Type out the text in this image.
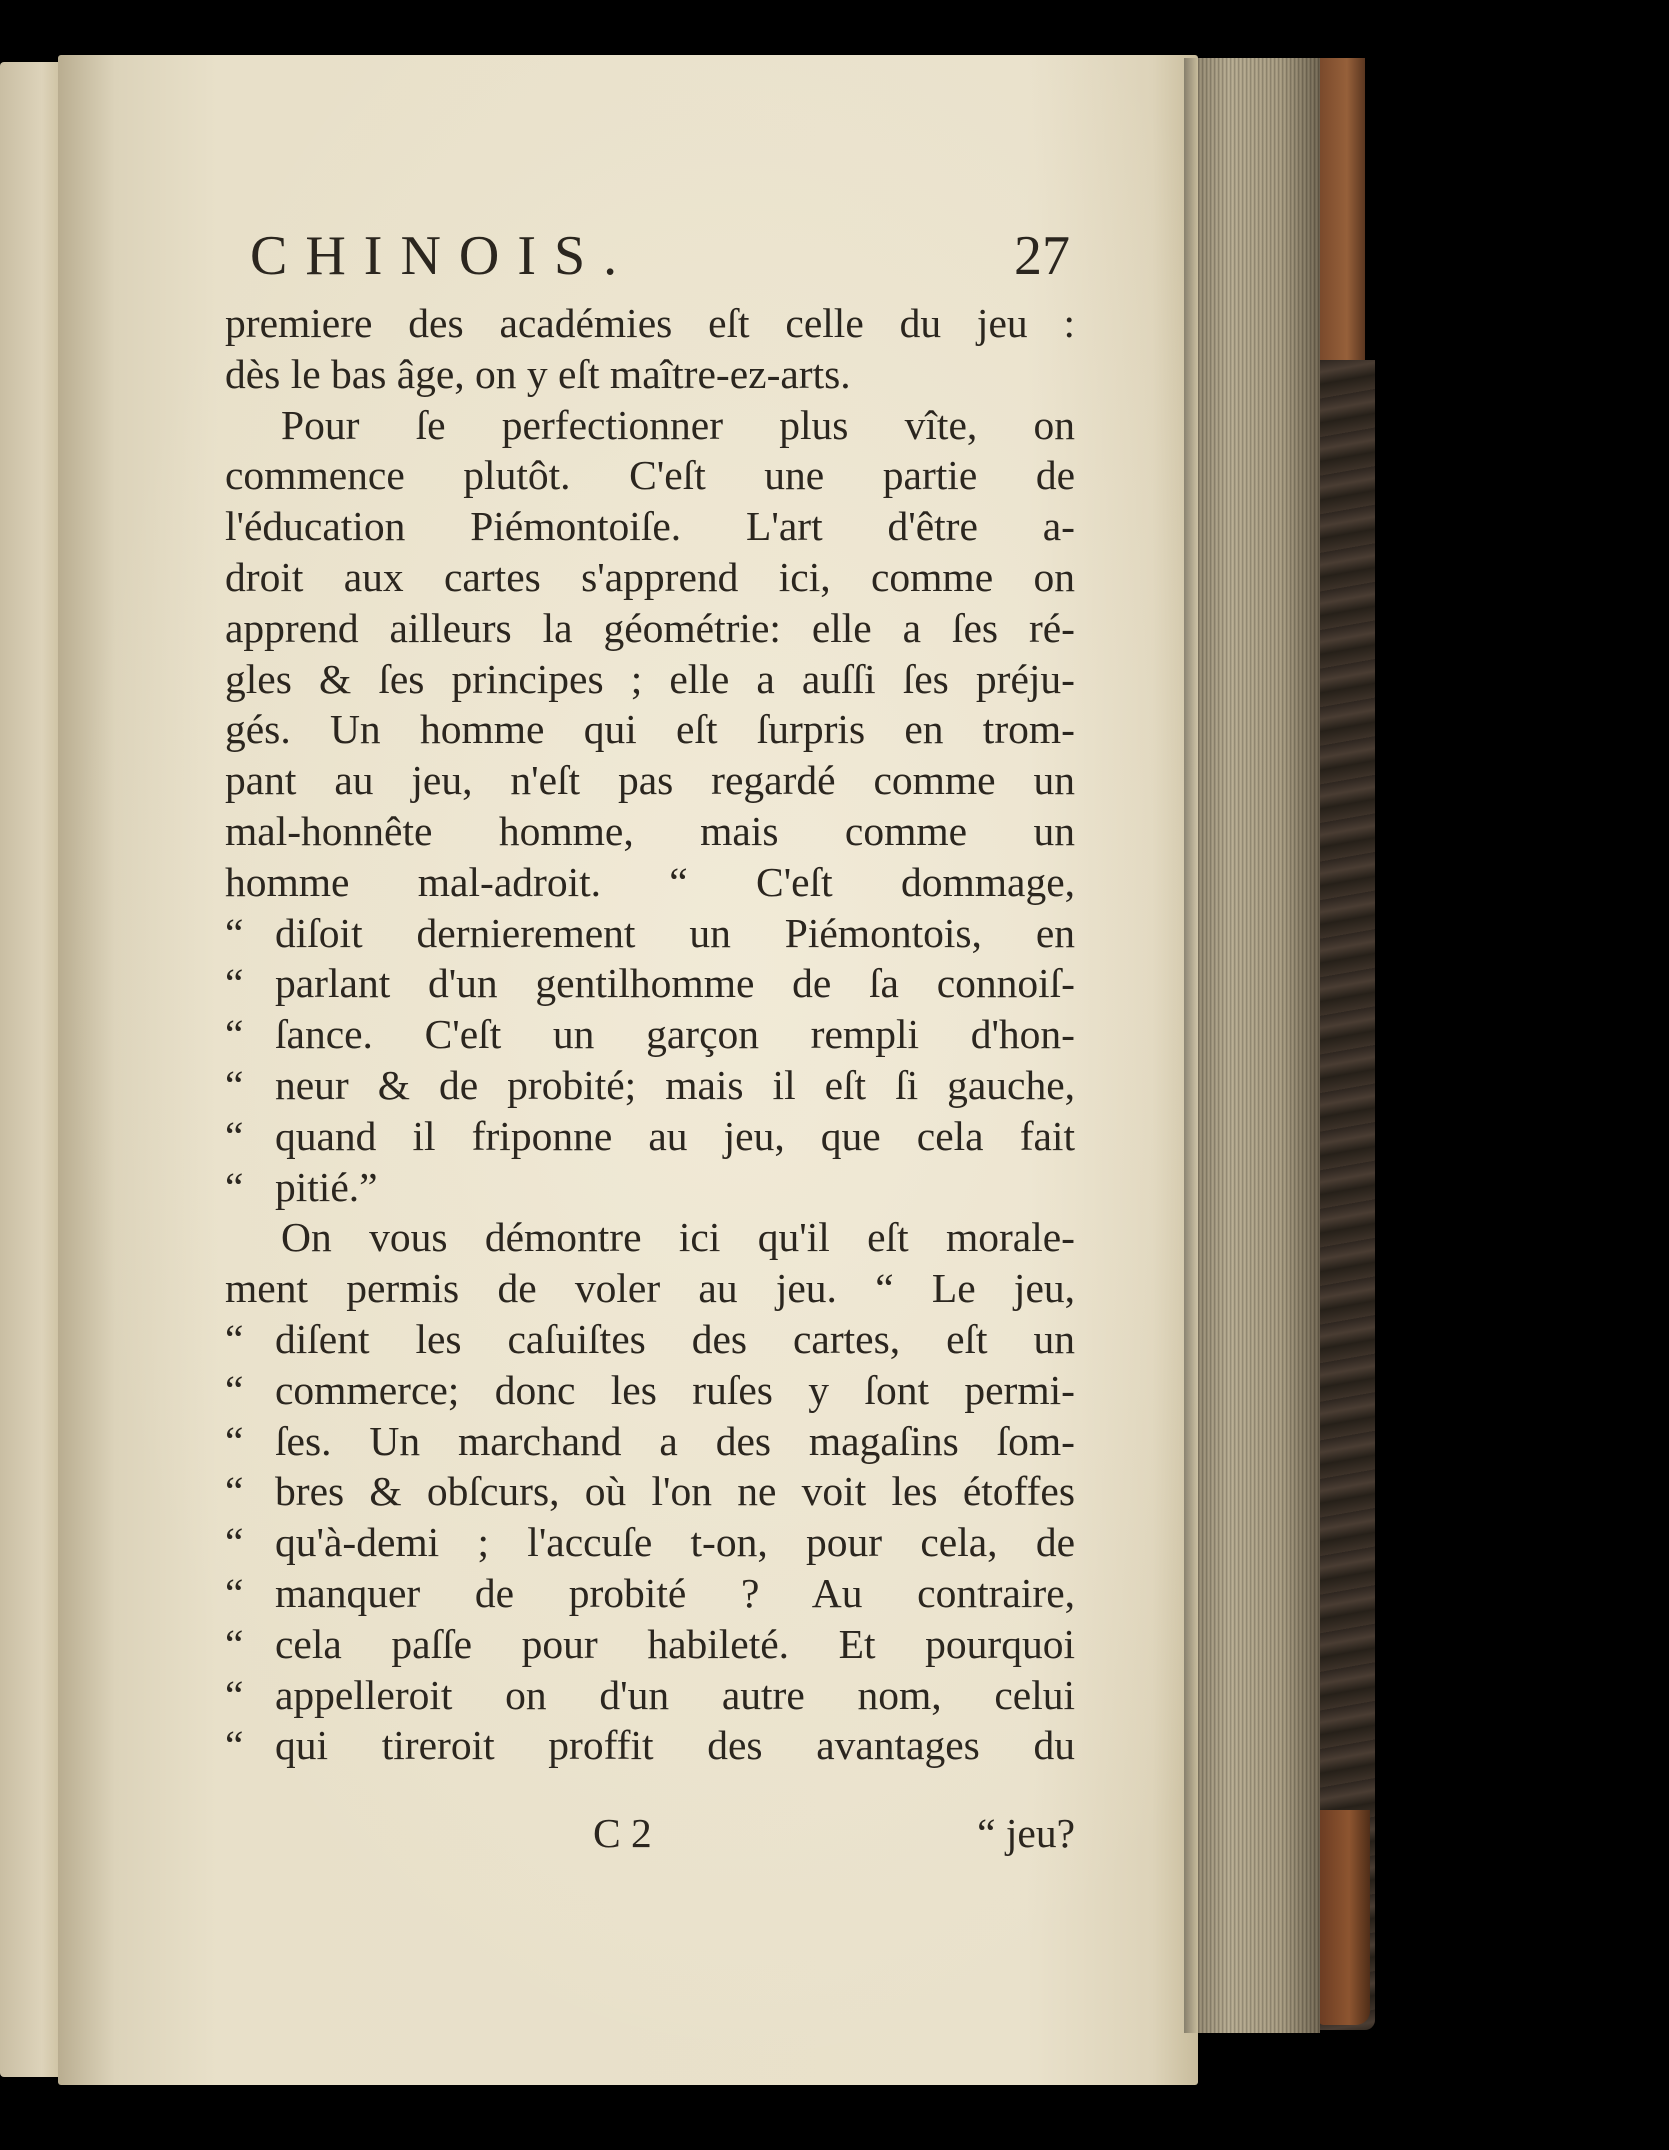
CHINOIS.	27
premiere des académies eſt celle du jeu :
dès le bas âge, on y eſt maître-ez-arts.
Pour ſe perfectionner plus vîte, on
commence plutôt. C'eſt une partie de
l'éducation Piémontoiſe. L'art d'être a-
droit aux cartes s'apprend ici, comme on
apprend ailleurs la géométrie: elle a ſes ré-
gles & ſes principes ; elle a auſſi ſes préju-
gés. Un homme qui eſt ſurpris en trom-
pant au jeu, n'eſt pas regardé comme un
mal-honnête homme, mais comme un
homme mal-adroit. “ C'eſt dommage,
“ diſoit dernierement un Piémontois, en
“ parlant d'un gentilhomme de ſa connoiſ-
“ ſance. C'eſt un garçon rempli d'hon-
“ neur & de probité; mais il eſt ſi gauche,
“ quand il friponne au jeu, que cela fait
“ pitié.”
On vous démontre ici qu'il eſt morale-
ment permis de voler au jeu. “ Le jeu,
“ diſent les caſuiſtes des cartes, eſt un
“ commerce; donc les ruſes y ſont permi-
“ ſes. Un marchand a des magaſins ſom-
“ bres & obſcurs, où l'on ne voit les étoffes
“ qu'à-demi ; l'accuſe t-on, pour cela, de
“ manquer de probité ? Au contraire,
“ cela paſſe pour habileté. Et pourquoi
“ appelleroit on d'un autre nom, celui
“ qui tireroit proffit des avantages du
C 2	“ jeu?
